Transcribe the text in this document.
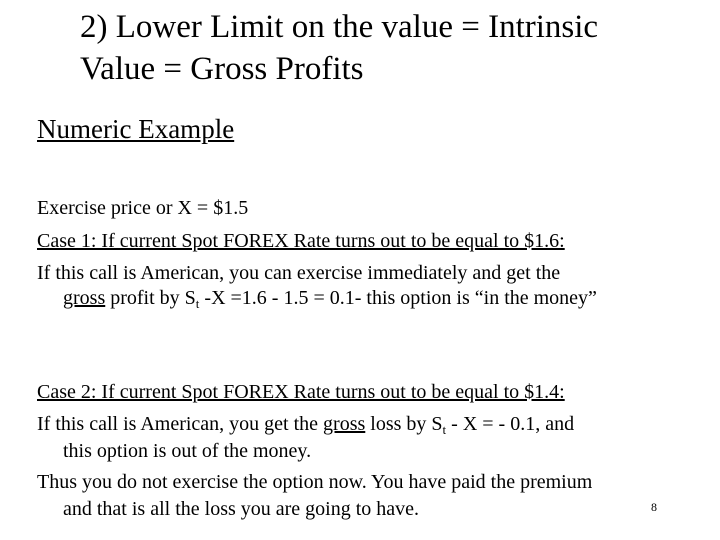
2) Lower Limit on the value = Intrinsic
Value = Gross Profits
Numeric Example
Exercise price or X = $1.5
Case 1: If current Spot FOREX Rate turns out to be equal to $1.6:
If this call is American, you can exercise immediately and get the
gross profit by $S_t$ -X =1.6 - 1.5 = 0.1- this option is “in the money”
Case 2: If current Spot FOREX Rate turns out to be equal to $1.4:
If this call is American, you get the gross loss by $S_t$ - X = - 0.1, and
this option is out of the money.
Thus you do not exercise the option now. You have paid the premium
and that is all the loss you are going to have.	8
